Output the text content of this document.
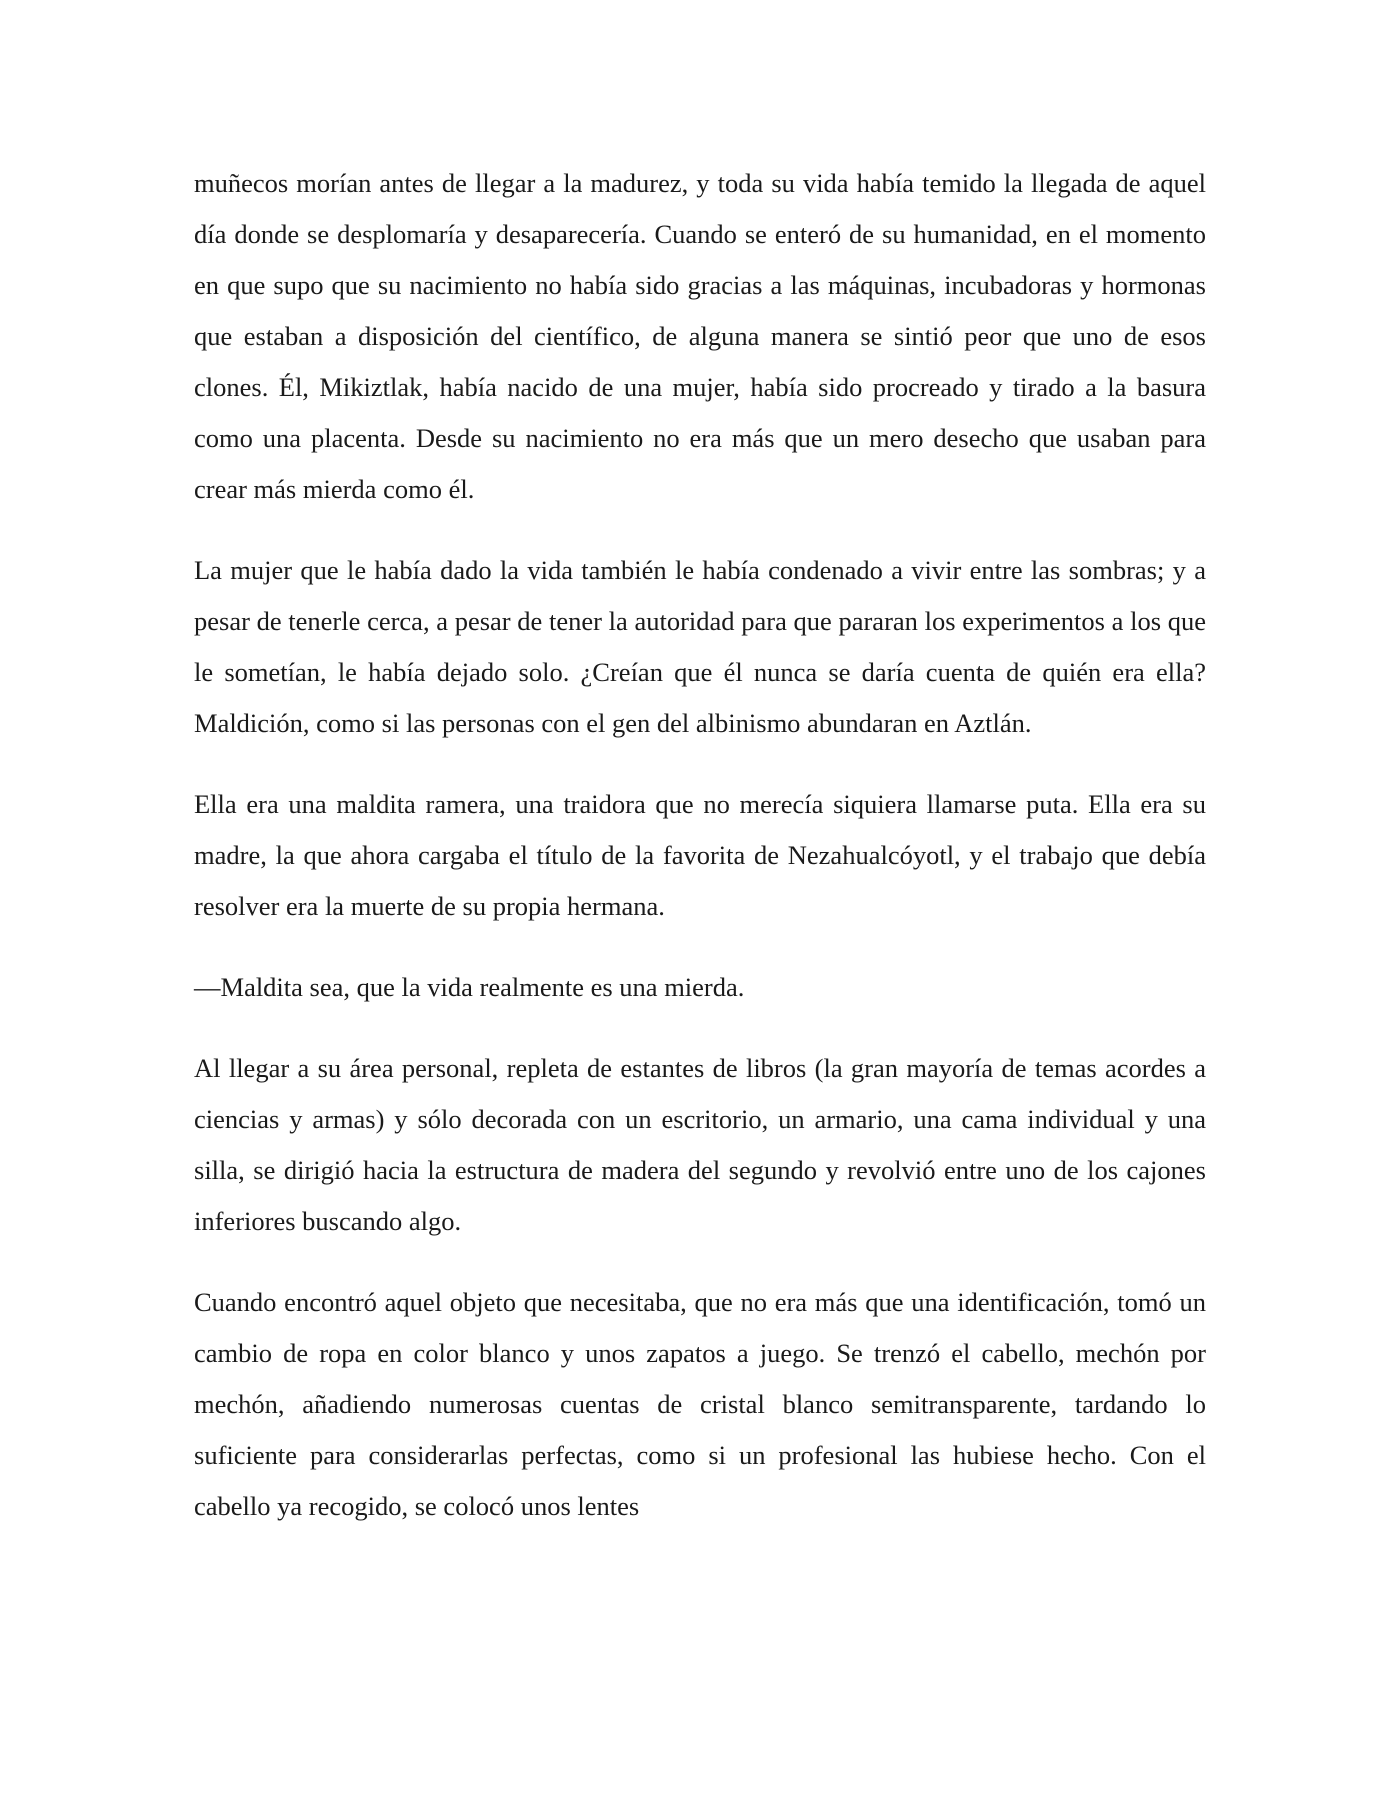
muñecos morían antes de llegar a la madurez, y toda su vida había temido la llegada de aquel día donde se desplomaría y desaparecería. Cuando se enteró de su humanidad, en el momento en que supo que su nacimiento no había sido gracias a las máquinas, incubadoras y hormonas que estaban a disposición del científico, de alguna manera se sintió peor que uno de esos clones. Él, Mikiztlak, había nacido de una mujer, había sido procreado y tirado a la basura como una placenta. Desde su nacimiento no era más que un mero desecho que usaban para crear más mierda como él.

La mujer que le había dado la vida también le había condenado a vivir entre las sombras; y a pesar de tenerle cerca, a pesar de tener la autoridad para que pararan los experimentos a los que le sometían, le había dejado solo. ¿Creían que él nunca se daría cuenta de quién era ella? Maldición, como si las personas con el gen del albinismo abundaran en Aztlán.

Ella era una maldita ramera, una traidora que no merecía siquiera llamarse puta. Ella era su madre, la que ahora cargaba el título de la favorita de Nezahualcóyotl, y el trabajo que debía resolver era la muerte de su propia hermana.

—Maldita sea, que la vida realmente es una mierda.

Al llegar a su área personal, repleta de estantes de libros (la gran mayoría de temas acordes a ciencias y armas) y sólo decorada con un escritorio, un armario, una cama individual y una silla, se dirigió hacia la estructura de madera del segundo y revolvió entre uno de los cajones inferiores buscando algo.

Cuando encontró aquel objeto que necesitaba, que no era más que una identificación, tomó un cambio de ropa en color blanco y unos zapatos a juego. Se trenzó el cabello, mechón por mechón, añadiendo numerosas cuentas de cristal blanco semitransparente, tardando lo suficiente para considerarlas perfectas, como si un profesional las hubiese hecho. Con el cabello ya recogido, se colocó unos lentes
